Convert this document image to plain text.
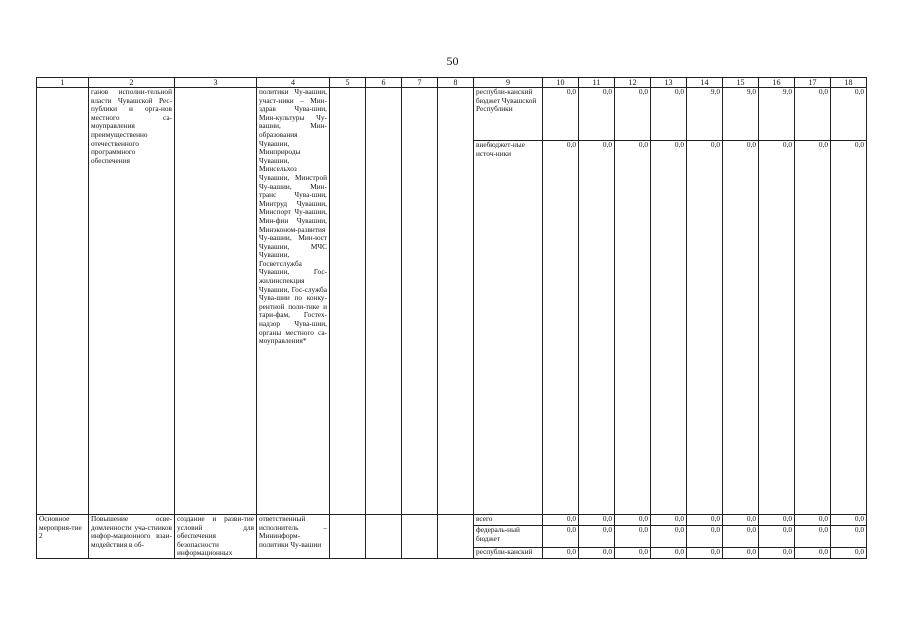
50
1	2	3	4	5	6	7	8	9	10	11	12	13	14	15	16	17	18
	ганов исполни-тельной власти Чувашской Рес-публики и орга-нов местного са-моуправления преимущественно отечественного программного обеспечения		политики Чу-вашии, участ-ники – Мин-здрав Чува-шии, Мин-культуры Чу-вашии, Мин-образования Чувашии, Минприроды Чувашии, Минсельхоз Чувашии, Минстрой Чу-вашии, Мин-транс Чува-шии, Минтруд Чувашии, Минспорт Чу-вашии, Мин-фин Чувашии, Минэконом-развития Чу-вашии, Мин-юст Чувашии, МЧС Чувашии, Госветслужба Чувашии, Гос-жилинспекция Чувашии, Гос-служба Чува-шии по конку-рентной поли-тике и тари-фам, Гостех-надзор Чува-шии, органы местного са-моуправления*					республи-канский бюджет Чувашской Республики	0,0	0,0	0,0	0,0	9,0	9,0	9,0	0,0	0,0
								внебюджет-ные источ-ники	0,0	0,0	0,0	0,0	0,0	0,0	0,0	0,0	0,0
Основное мероприя-тие 2	Повышение осве-домленности уча-стников инфор-мационного взаи-модействия в об-	создание и разви-тие условий для обеспечения безопасности информационных	ответственный исполнитель – Мининформ-политики Чу-вашии					всего	0,0	0,0	0,0	0,0	0,0	0,0	0,0	0,0	0,0
								федераль-ный бюджет	0,0	0,0	0,0	0,0	0,0	0,0	0,0	0,0	0,0
								республи-канский	0,0	0,0	0,0	0,0	0,0	0,0	0,0	0,0	0,0
